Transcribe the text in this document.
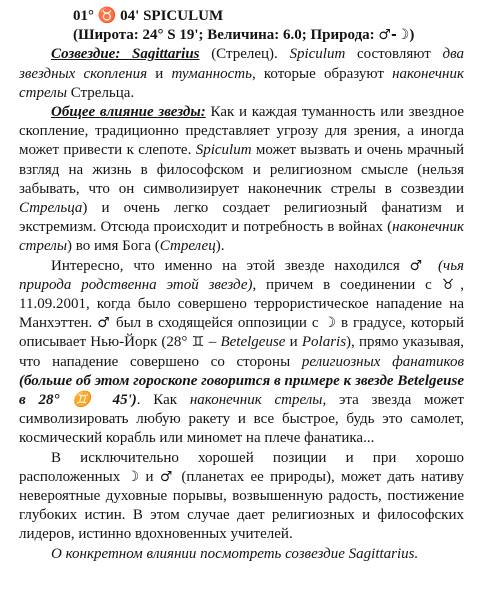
01° ♉ 04' SPICULUM
(Широта: 24° S 19'; Величина: 6.0; Природа: ♂-☽)

Созвездие: Sagittarius (Стрелец). Spiculum состовляют два звездных скопления и туманность, которые образуют наконечник стрелы Стрельца.

Общее влияние звезды: Как и каждая туманность или звездное скопление, традиционно представляет угрозу для зрения, а иногда может привести к слепоте. Spiculum может вызвать и очень мрачный взгляд на жизнь в философском и религиозном смысле (нельзя забывать, что он символизирует наконечник стрелы в созвездии Стрельца) и очень легко создает религиозный фанатизм и экстремизм. Отсюда происходит и потребность в войнах (наконечник стрелы) во имя Бога (Стрелец).

Интересно, что именно на этой звезде находился ♂ (чья природа родственна этой звезде), причем в соединении с ♉, 11.09.2001, когда было совершено террористическое нападение на Манхэттен. ♂ был в сходящейся оппозиции с ☽ в градусе, который описывает Нью-Йорк (28° ♊ – Betelgeuse и Polaris), прямо указывая, что нападение совершено со стороны религиозных фанатиков (больше об этом гороскопе говорится в примере к звезде Betelgeuse в 28° ♊ 45'). Как наконечник стрелы, эта звезда может символизировать любую ракету и все быстрое, будь это самолет, космический корабль или миномет на плече фанатика...

В исключительно хорошей позиции и при хорошо расположенных ☽ и ♂ (планетах ее природы), может дать нативу невероятные духовные порывы, возвышенную радость, постижение глубоких истин. В этом случае дает религиозных и философских лидеров, истинно вдохновенных учителей.

О конкретном влиянии посмотреть созвездие Sagittarius.
